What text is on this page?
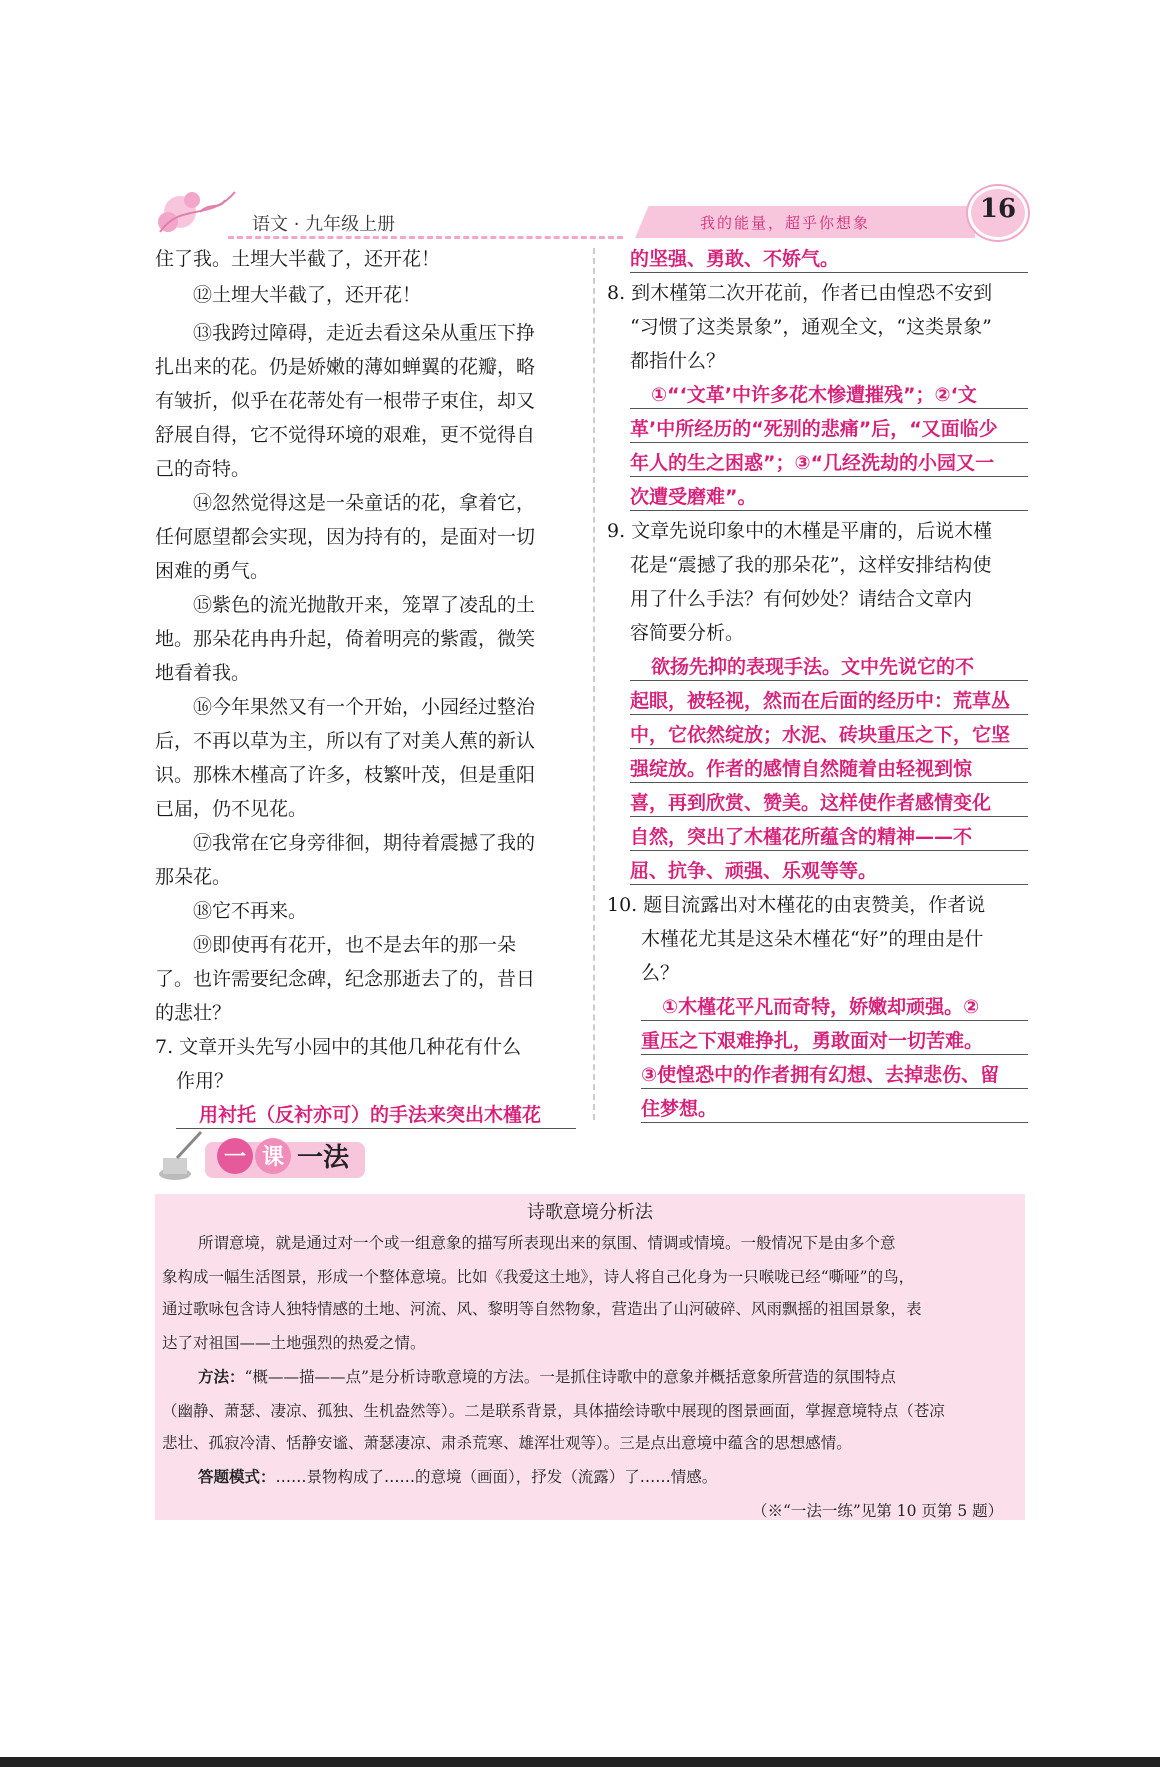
语文 · 九年级上册	我的能量，超乎你想象	16
住了我。土埋大半截了，还开花！
⑫土埋大半截了，还开花！
⑬我跨过障碍，走近去看这朵从重压下挣
扎出来的花。仍是娇嫩的薄如蝉翼的花瓣，略
有皱折，似乎在花蒂处有一根带子束住，却又
舒展自得，它不觉得环境的艰难，更不觉得自
己的奇特。
⑭忽然觉得这是一朵童话的花，拿着它，
任何愿望都会实现，因为持有的，是面对一切
困难的勇气。
⑮紫色的流光抛散开来，笼罩了凌乱的土
地。那朵花冉冉升起，倚着明亮的紫霞，微笑
地看着我。
⑯今年果然又有一个开始，小园经过整治
后，不再以草为主，所以有了对美人蕉的新认
识。那株木槿高了许多，枝繁叶茂，但是重阳
已届，仍不见花。
⑰我常在它身旁徘徊，期待着震撼了我的
那朵花。
⑱它不再来。
⑲即使再有花开，也不是去年的那一朵
了。也许需要纪念碑，纪念那逝去了的，昔日
的悲壮？
7. 文章开头先写小园中的其他几种花有什么
作用？
用衬托（反衬亦可）的手法来突出木槿花
的坚强、勇敢、不娇气。
8. 到木槿第二次开花前，作者已由惶恐不安到
“习惯了这类景象”，通观全文，“这类景象”
都指什么？
①“‘文革’中许多花木惨遭摧残”；②‘文
革’中所经历的“死别的悲痛”后，“又面临少
年人的生之困惑”；③“几经洗劫的小园又一
次遭受磨难”。
9. 文章先说印象中的木槿是平庸的，后说木槿
花是“震撼了我的那朵花”，这样安排结构使
用了什么手法？有何妙处？请结合文章内
容简要分析。
欲扬先抑的表现手法。文中先说它的不
起眼，被轻视，然而在后面的经历中：荒草丛
中，它依然绽放；水泥、砖块重压之下，它坚
强绽放。作者的感情自然随着由轻视到惊
喜，再到欣赏、赞美。这样使作者感情变化
自然，突出了木槿花所蕴含的精神——不
屈、抗争、顽强、乐观等等。
10. 题目流露出对木槿花的由衷赞美，作者说
木槿花尤其是这朵木槿花“好”的理由是什
么？
①木槿花平凡而奇特，娇嫩却顽强。②
重压之下艰难挣扎，勇敢面对一切苦难。
③使惶恐中的作者拥有幻想、去掉悲伤、留
住梦想。
一 课 一法
诗歌意境分析法
所谓意境，就是通过对一个或一组意象的描写所表现出来的氛围、情调或情境。一般情况下是由多个意
象构成一幅生活图景，形成一个整体意境。比如《我爱这土地》，诗人将自己化身为一只喉咙已经“嘶哑”的鸟，
通过歌咏包含诗人独特情感的土地、河流、风、黎明等自然物象，营造出了山河破碎、风雨飘摇的祖国景象，表
达了对祖国——土地强烈的热爱之情。
方法：“概——描——点”是分析诗歌意境的方法。一是抓住诗歌中的意象并概括意象所营造的氛围特点
（幽静、萧瑟、凄凉、孤独、生机盎然等）。二是联系背景，具体描绘诗歌中展现的图景画面，掌握意境特点（苍凉
悲壮、孤寂冷清、恬静安谧、萧瑟凄凉、肃杀荒寒、雄浑壮观等）。三是点出意境中蕴含的思想感情。
答题模式：……景物构成了……的意境（画面），抒发（流露）了……情感。
（※“一法一练”见第 10 页第 5 题）
